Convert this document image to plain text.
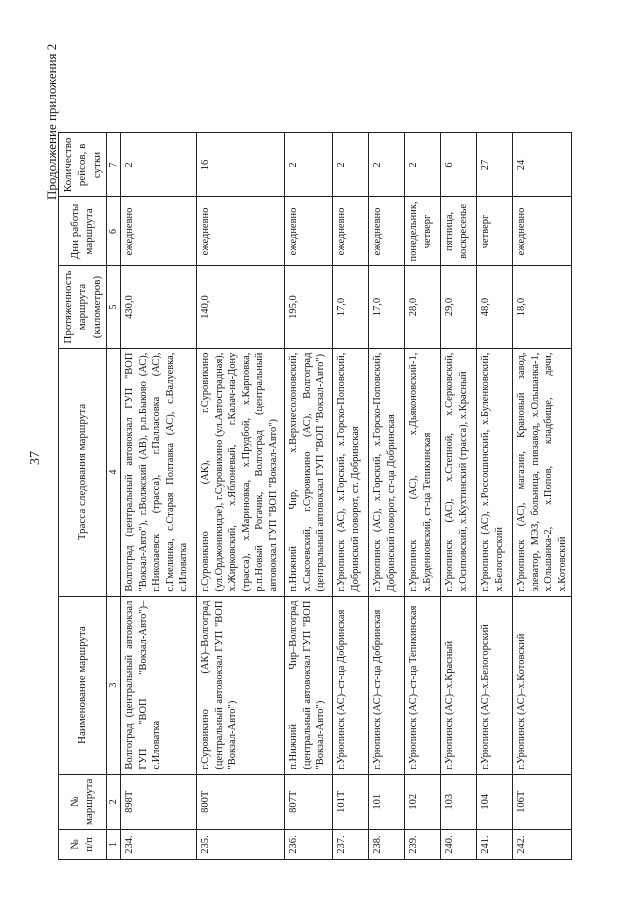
37
Продолжение приложения 2
№ п/п	№ маршрута	Наименование маршрута	Трасса следования маршрута	Протяженность маршрута (километров)	Дни работы маршрута	Количество рейсов, в сутки
1	2	3	4	5	6	7
234.	898Т	Волгоград (центральный автовокзал ГУП "ВОП "Вокзал-Авто")–с.Иловатка	Волгоград (центральный автовокзал ГУП "ВОП "Вокзал-Авто"), г.Волжский (АВ), р.п.Быково (АС), г.Николаевск (трасса), г.Палласовка (АС), с.Гмелинка, с.Старая Полтавка (АС), с.Валуевка, с.Иловатка	430,0	ежедневно	2
235.	800Т	г.Суровикино (АК)–Волгоград (центральный автовокзал ГУП "ВОП "Вокзал-Авто")	г.Суровикино (АК), г.Суровикино (ул.Орджоникидзе), г.Суровикино (ул.Автострадная), х.Жирковский, х.Яблоневый, г.Калач-на-Дону (трасса), х.Мариновка, х.Прудбой, х.Карповка, р.п.Новый Рогачик, Волгоград (центральный автовокзал ГУП "ВОП "Вокзал-Авто")	140,0	ежедневно	16
236.	807Т	п.Нижний Чир–Волгоград (центральный автовокзал ГУП "ВОП "Вокзал-Авто")	п.Нижний Чир, х.Верхнесолоновский, х.Сысоевский, г.Суровикино (АС), Волгоград (центральный автовокзал ГУП "ВОП "Вокзал-Авто")	195,0	ежедневно	2
237.	101Т	г.Урюпинск (АС)–ст-ца Добринская	г.Урюпинск (АС), х.Горский, х.Горско-Поповский, Добринский поворот, ст. Добринская	17,0	ежедневно	2
238.	101	г.Урюпинск (АС)–ст-ца Добринская	г.Урюпинск (АС), х.Горский, х.Горско-Поповский, Добринский поворот, ст-ца Добринская	17,0	ежедневно	2
239.	102	г.Урюпинск (АС)–ст-ца Тепикинская	г.Урюпинск (АС), х.Дьяконовский-1, х.Буденновский, ст-ца Тепикинская	28,0	понедельник, четверг	2
240.	103	г.Урюпинск (АС)–х.Красный	г.Урюпинск (АС), х.Степной, х.Серковский, х.Осиповский, х.Кухтинский (трасса), х.Красный	29,0	пятница, воскресенье	6
241.	104	г.Урюпинск (АС)–х.Белогорский	г.Урюпинск (АС), х.Россошинский, х.Буленковский, х.Белогорский	48,0	четверг	27
242.	106Т	г.Урюпинск (АС)–х.Котовский	г.Урюпинск (АС), магазин, Крановый завод, элеватор, МЭЗ, больница, пивзавод, х.Ольшанка-1, х.Ольшанка-2, х.Попов, кладбище, дачи, х.Котовский	18,0	ежедневно	24
